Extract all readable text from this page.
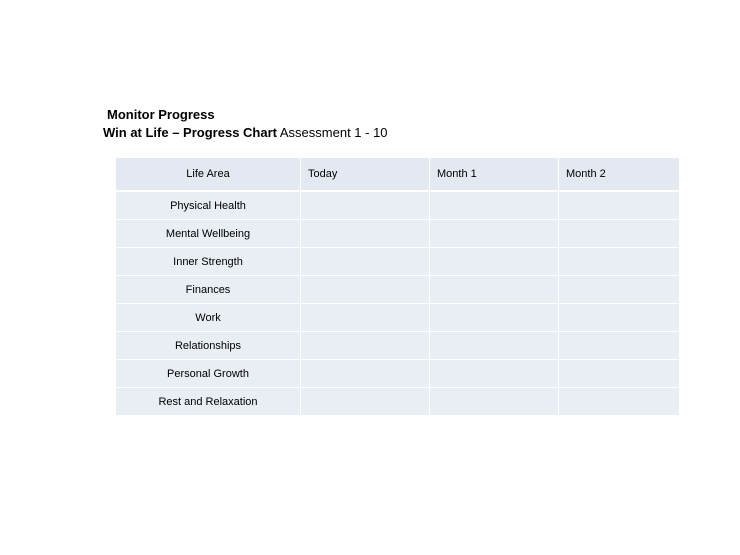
Monitor Progress
Win at Life – Progress Chart Assessment 1 - 10
Life Area	Today	Month 1	Month 2
Physical Health			
Mental Wellbeing			
Inner Strength			
Finances			
Work			
Relationships			
Personal Growth			
Rest and Relaxation			
